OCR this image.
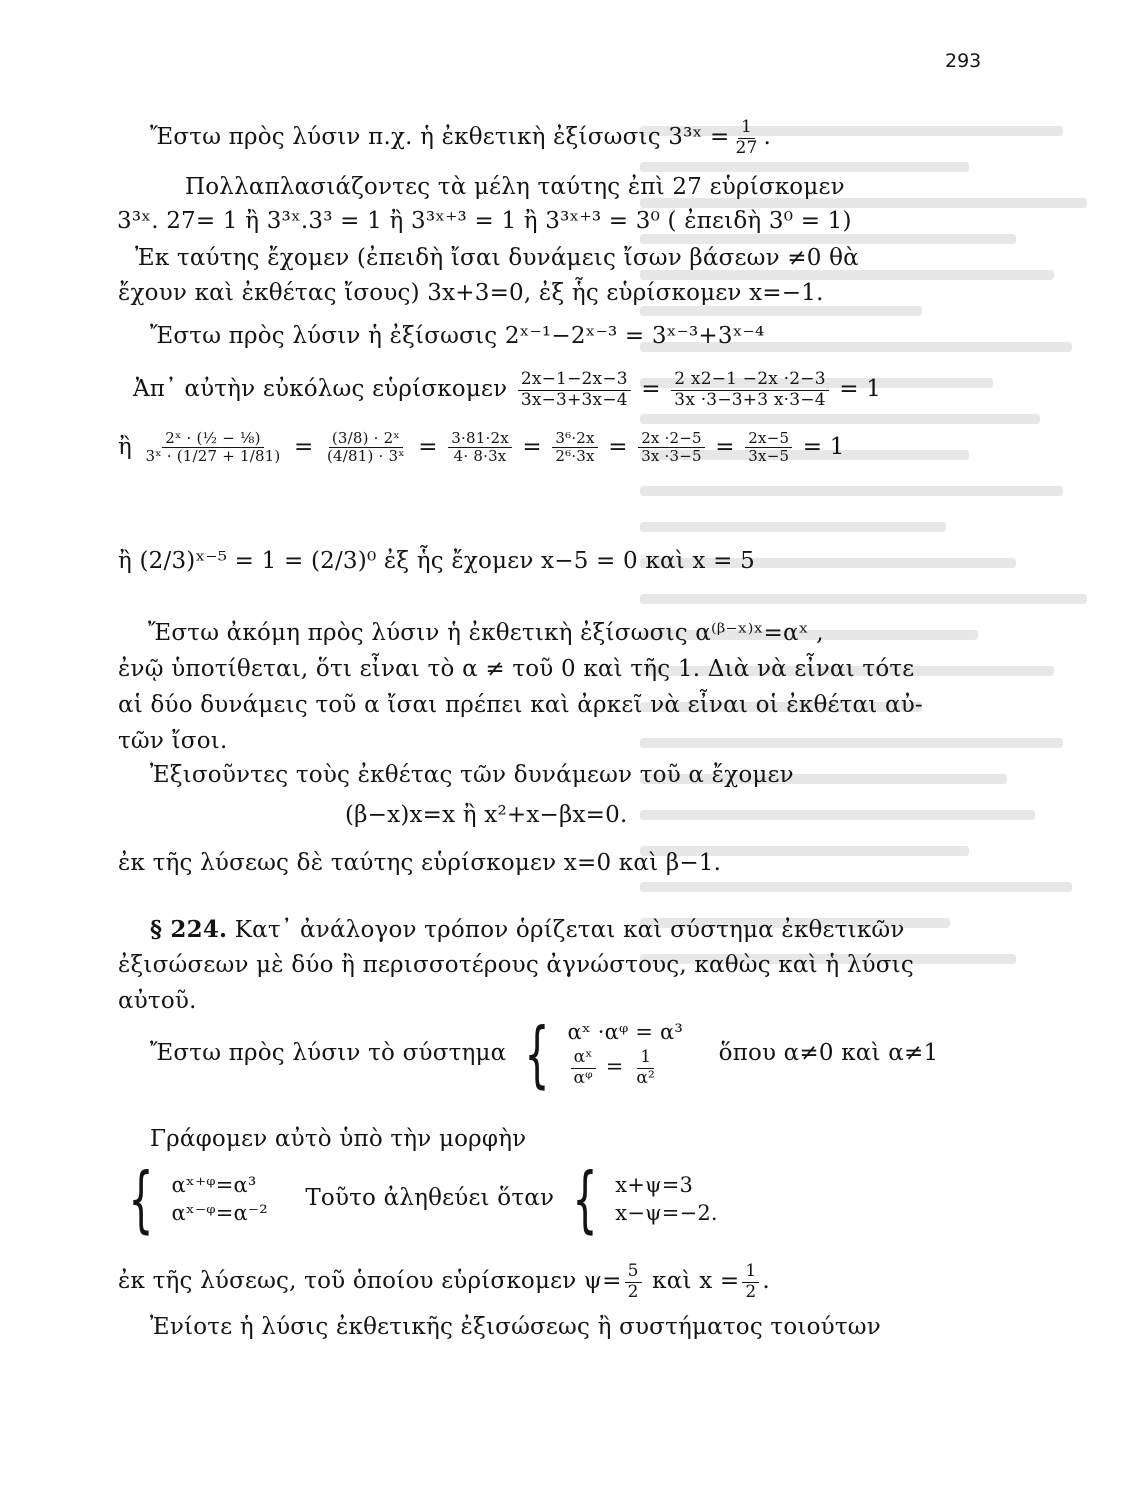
293
Ἔστω πρὸς λύσιν π.χ. ἡ ἐκθετικὴ ἐξίσωσις 3³ˣ = $\frac{1}{27}$ .
Πολλαπλασιάζοντες τὰ μέλη ταύτης ἐπὶ 27 εὑρίσκομεν
3³ˣ. 27= 1 ἢ 3³ˣ.3³ = 1 ἢ 3³ˣ⁺³ = 1 ἢ 3³ˣ⁺³ = 3⁰ ( ἐπειδὴ 3⁰ = 1)
Ἐκ ταύτης ἔχομεν (ἐπειδὴ ἴσαι δυνάμεις ἴσων βάσεων ≠0 θὰ
ἔχουν καὶ ἐκθέτας ἴσους) 3x+3=0, ἐξ ἧς εὑρίσκομεν x=−1.
Ἔστω πρὸς λύσιν ἡ ἐξίσωσις 2ˣ⁻¹−2ˣ⁻³ = 3ˣ⁻³+3ˣ⁻⁴
Ἀπ᾽ αὐτὴν εὐκόλως εὑρίσκομεν $\frac{2x-1-2x-3}{3x-3+3x-4} = \frac{2 x2-1 -2x \cdot 2-3}{3x \cdot 3-3+3 x\cdot 3-4} = 1$
ἢ $\frac{\text{2ˣ · (½ − ⅛)}}{\text{3ˣ · (1/27 + 1/81)}} = \frac{\text{(3/8) · 2ˣ}}{\text{(4/81) · 3ˣ}} = \frac{3\cdot 81\cdot 2x}{4\cdot 8\cdot 3x} = \frac{\text{3⁶·2x}}{\text{2⁶·3x}} = \frac{2x \cdot 2-5}{3x \cdot 3-5} = \frac{2x-5}{3x-5} = 1$
ἢ (2/3)ˣ⁻⁵ = 1 = (2/3)⁰ ἐξ ἧς ἔχομεν x−5 = 0 καὶ x = 5
Ἔστω ἀκόμη πρὸς λύσιν ἡ ἐκθετικὴ ἐξίσωσις α⁽ᵝ⁻ˣ⁾ˣ=αˣ ,
ἐνῷ ὑποτίθεται, ὅτι εἶναι τὸ α ≠ τοῦ 0 καὶ τῆς 1. Διὰ νὰ εἶναι τότε
αἱ δύο δυνάμεις τοῦ α ἴσαι πρέπει καὶ ἀρκεῖ νὰ εἶναι οἱ ἐκθέται αὐ-
τῶν ἴσοι.
Ἐξισοῦντες τοὺς ἐκθέτας τῶν δυνάμεων τοῦ α ἔχομεν
(β−x)x=x ἢ x²+x−βx=0.
ἐκ τῆς λύσεως δὲ ταύτης εὑρίσκομεν x=0 καὶ β−1.
§ 224. Κατ᾽ ἀνάλογον τρόπον ὁρίζεται καὶ σύστημα ἐκθετικῶν
ἐξισώσεων μὲ δύο ἢ περισσοτέρους ἀγνώστους, καθὼς καὶ ἡ λύσις
αὐτοῦ.
Ἔστω πρὸς λύσιν τὸ σύστημα { αˣ ·αᵠ = α³
$\frac{\text{αˣ}}{\text{αᵠ}} = \frac{1}{\text{α²}}$	ὅπου α≠0 καὶ α≠1
Γράφομεν αὐτὸ ὑπὸ τὴν μορφὴν
{ αˣ⁺ᵠ=α³
αˣ⁻ᵠ=α⁻²
Τοῦτο ἀληθεύει ὅταν { x+ψ=3
x−ψ=−2.
ἐκ τῆς λύσεως, τοῦ ὁποίου εὑρίσκομεν $\psi= \frac{5}{2}$ καὶ $x = \frac{1}{2}$ .
Ἐνίοτε ἡ λύσις ἐκθετικῆς ἐξισώσεως ἢ συστήματος τοιούτων
